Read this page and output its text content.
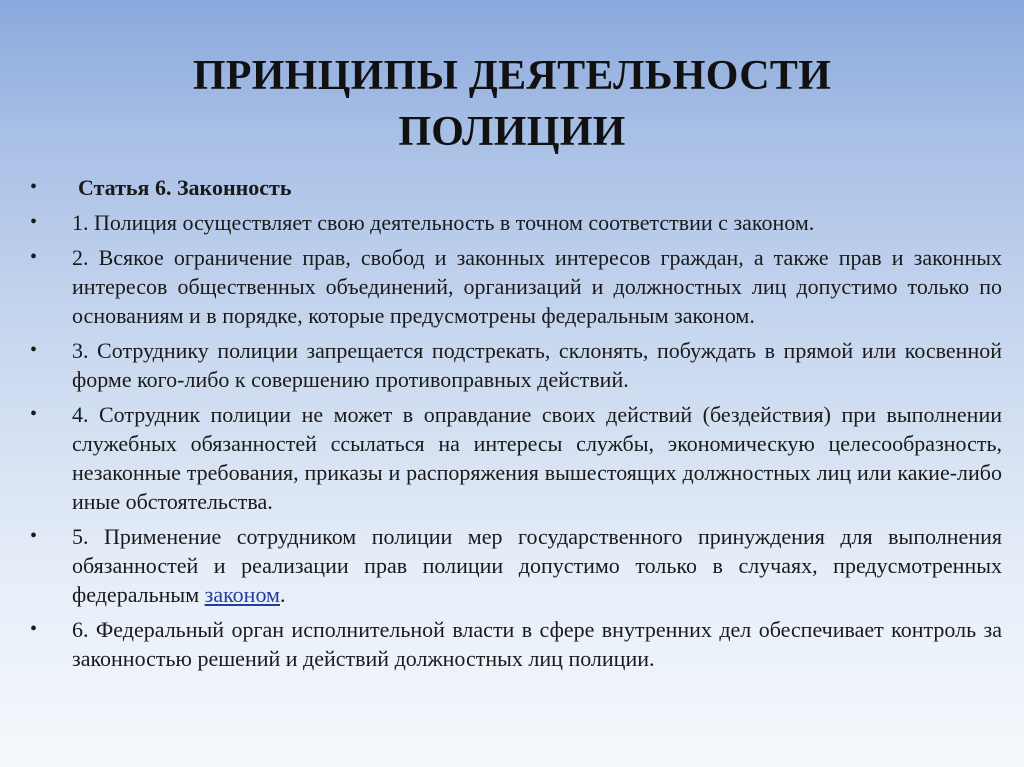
ПРИНЦИПЫ ДЕЯТЕЛЬНОСТИ
ПОЛИЦИИ
•	Статья 6. Законность
•	1. Полиция осуществляет свою деятельность в точном соответствии с законом.
•	2. Всякое ограничение прав, свобод и законных интересов граждан, а также прав и законных интересов общественных объединений, организаций и должностных лиц допустимо только по основаниям и в порядке, которые предусмотрены федеральным законом.
•	3. Сотруднику полиции запрещается подстрекать, склонять, побуждать в прямой или косвенной форме кого-либо к совершению противоправных действий.
•	4. Сотрудник полиции не может в оправдание своих действий (бездействия) при выполнении служебных обязанностей ссылаться на интересы службы, экономическую целесообразность, незаконные требования, приказы и распоряжения вышестоящих должностных лиц или какие-либо иные обстоятельства.
•	5. Применение сотрудником полиции мер государственного принуждения для выполнения обязанностей и реализации прав полиции допустимо только в случаях, предусмотренных федеральным законом.
•	6. Федеральный орган исполнительной власти в сфере внутренних дел обеспечивает контроль за законностью решений и действий должностных лиц полиции.
